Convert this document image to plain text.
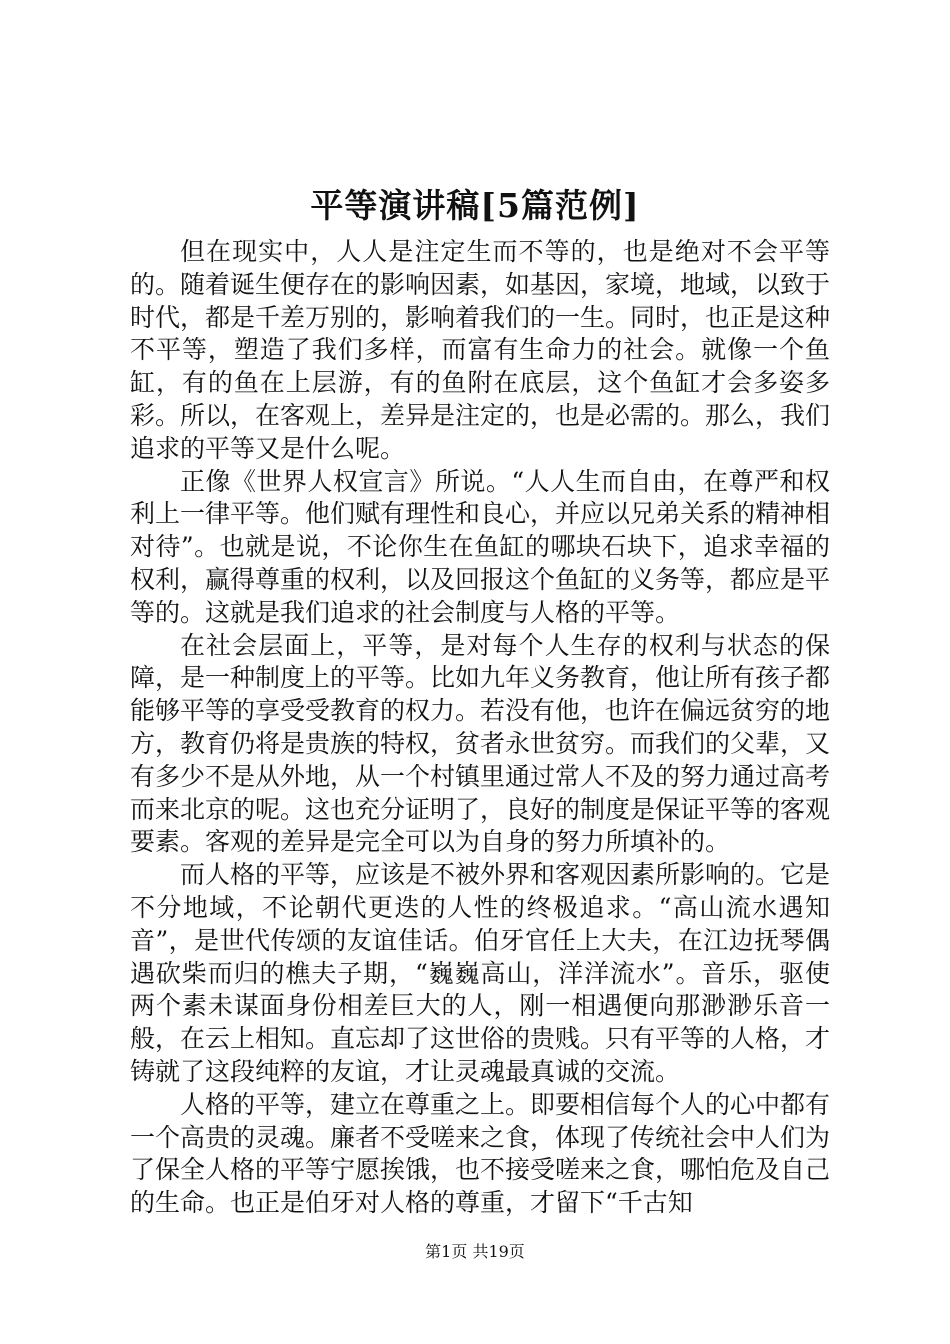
平等演讲稿[5篇范例]

但在现实中，人人是注定生而不等的，也是绝对不会平等的。随着诞生便存在的影响因素，如基因，家境，地域，以致于时代，都是千差万别的，影响着我们的一生。同时，也正是这种不平等，塑造了我们多样，而富有生命力的社会。就像一个鱼缸，有的鱼在上层游，有的鱼附在底层，这个鱼缸才会多姿多彩。所以，在客观上，差异是注定的，也是必需的。那么，我们追求的平等又是什么呢。

正像《世界人权宣言》所说。“人人生而自由，在尊严和权利上一律平等。他们赋有理性和良心，并应以兄弟关系的精神相对待”。也就是说，不论你生在鱼缸的哪块石块下，追求幸福的权利，赢得尊重的权利，以及回报这个鱼缸的义务等，都应是平等的。这就是我们追求的社会制度与人格的平等。

在社会层面上，平等，是对每个人生存的权利与状态的保障，是一种制度上的平等。比如九年义务教育，他让所有孩子都能够平等的享受受教育的权力。若没有他，也许在偏远贫穷的地方，教育仍将是贵族的特权，贫者永世贫穷。而我们的父辈，又有多少不是从外地，从一个村镇里通过常人不及的努力通过高考而来北京的呢。这也充分证明了，良好的制度是保证平等的客观要素。客观的差异是完全可以为自身的努力所填补的。

而人格的平等，应该是不被外界和客观因素所影响的。它是不分地域，不论朝代更迭的人性的终极追求。“高山流水遇知音”，是世代传颂的友谊佳话。伯牙官任上大夫，在江边抚琴偶遇砍柴而归的樵夫子期，“巍巍高山，洋洋流水”。音乐，驱使两个素未谋面身份相差巨大的人，刚一相遇便向那渺渺乐音一般，在云上相知。直忘却了这世俗的贵贱。只有平等的人格，才铸就了这段纯粹的友谊，才让灵魂最真诚的交流。

人格的平等，建立在尊重之上。即要相信每个人的心中都有一个高贵的灵魂。廉者不受嗟来之食，体现了传统社会中人们为了保全人格的平等宁愿挨饿，也不接受嗟来之食，哪怕危及自己的生命。也正是伯牙对人格的尊重，才留下“千古知

第1页 共19页
